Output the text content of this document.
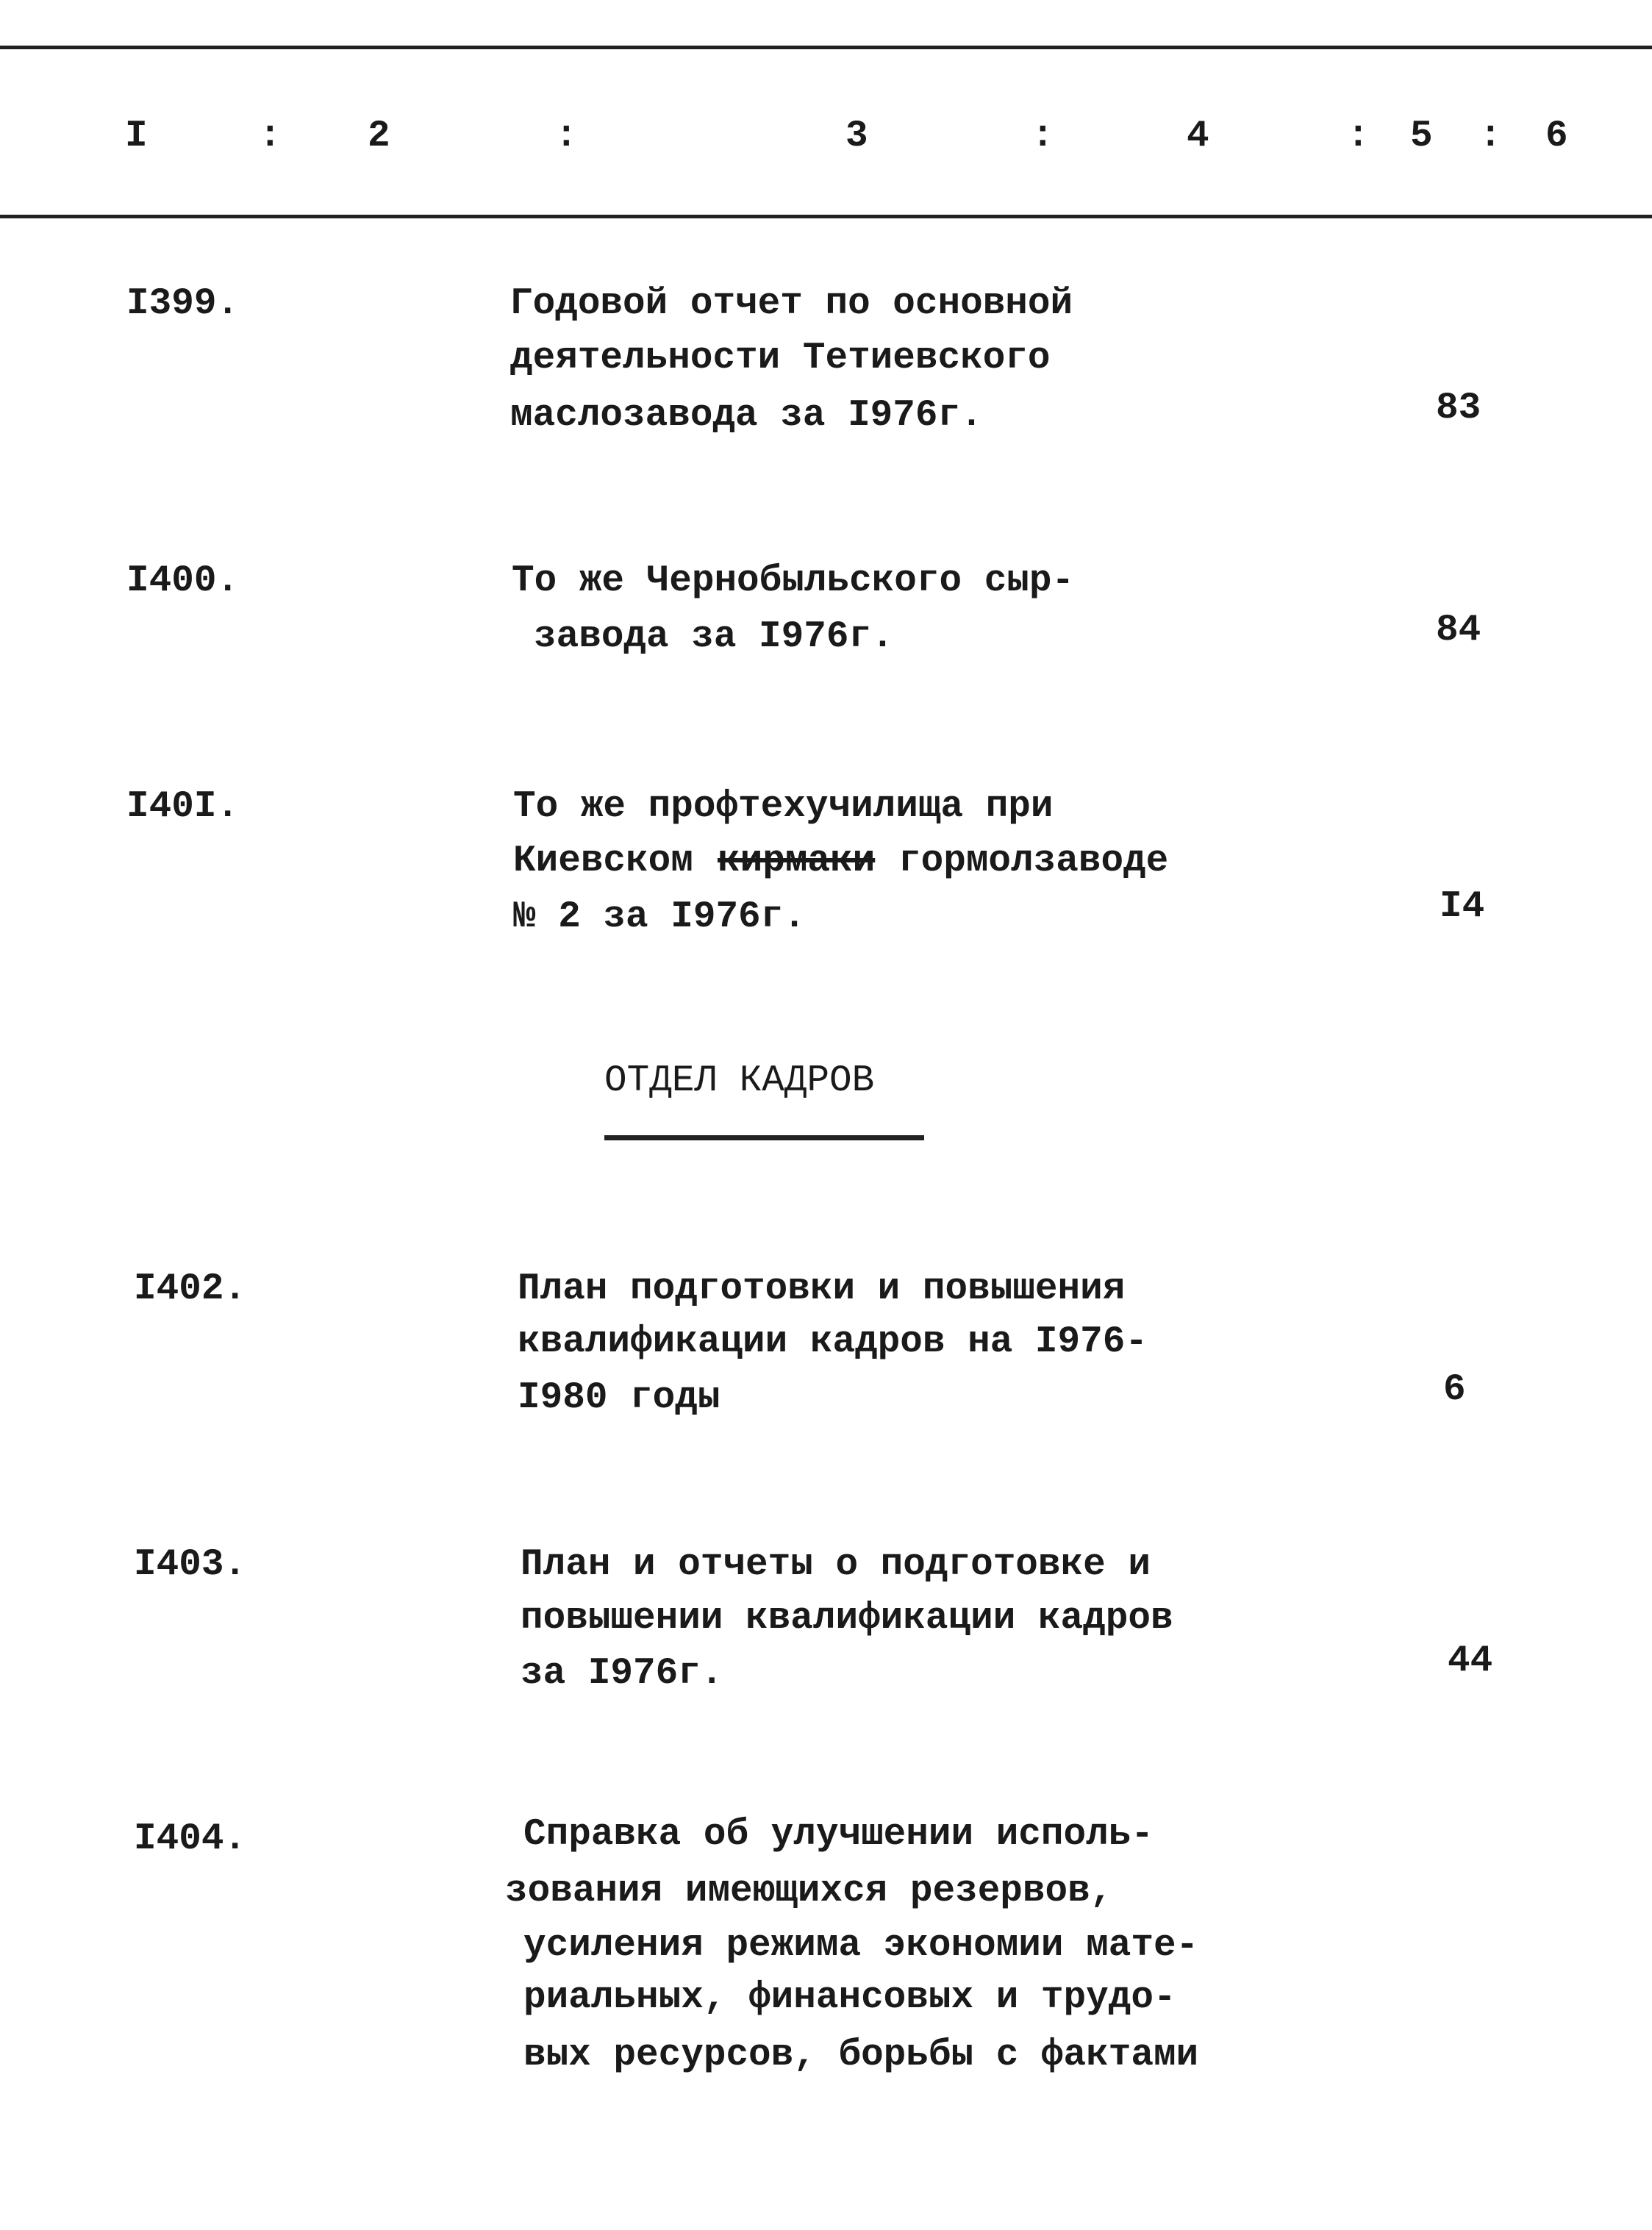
I	: 2	:	3	:	4	: 5 : 6
I399.	Годовой отчет по основной
деятельности Тетиевского
маслозавода за I976г.	83
I400.	То же Чернобыльского сыр-
завода за I976г.	84
I40I.	То же профтехучилища при
Киевском кирмаки гормолзаводе
№ 2 за I976г.	I4
ОТДЕЛ КАДРОВ
I402.	План подготовки и повышения
квалификации кадров на I976-
I980 годы	6
I403.	План и отчеты о подготовке и
повышении квалификации кадров
за I976г.	44
I404.	Справка об улучшении исполь-
зования имеющихся резервов,
усиления режима экономии мате-
риальных, финансовых и трудо-
вых ресурсов, борьбы с фактами
